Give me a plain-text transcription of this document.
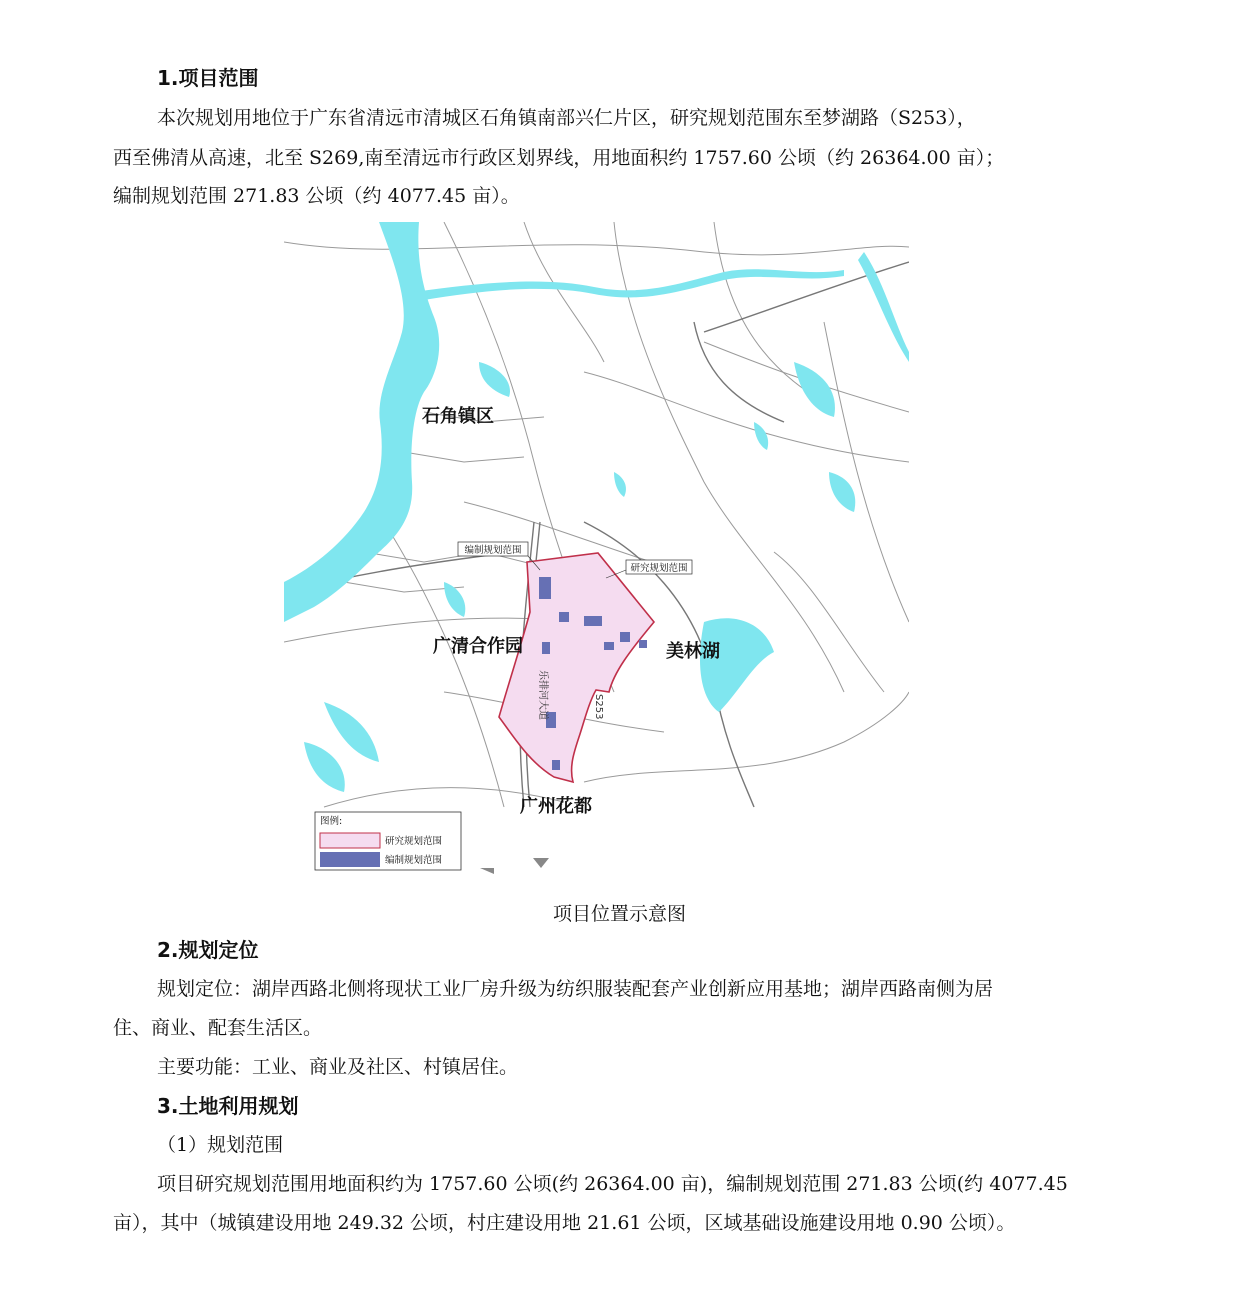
1.项目范围

本次规划用地位于广东省清远市清城区石角镇南部兴仁片区，研究规划范围东至梦湖路（S253），

西至佛清从高速，北至 S269,南至清远市行政区划界线，用地面积约 1757.60 公顷（约 26364.00 亩）；

编制规划范围 271.83 公顷（约 4077.45 亩）。

编制规划范围
研究规划范围
乐排河大道	S253
石角镇区
广清合作园	美林湖
广州花都
图例:
研究规划范围
编制规划范围

项目位置示意图

2.规划定位

规划定位：湖岸西路北侧将现状工业厂房升级为纺织服装配套产业创新应用基地；湖岸西路南侧为居

住、商业、配套生活区。

主要功能：工业、商业及社区、村镇居住。

3.土地利用规划

（1）规划范围

项目研究规划范围用地面积约为 1757.60 公顷(约 26364.00 亩)，编制规划范围 271.83 公顷(约 4077.45

亩），其中（城镇建设用地 249.32 公顷，村庄建设用地 21.61 公顷，区域基础设施建设用地 0.90 公顷）。
